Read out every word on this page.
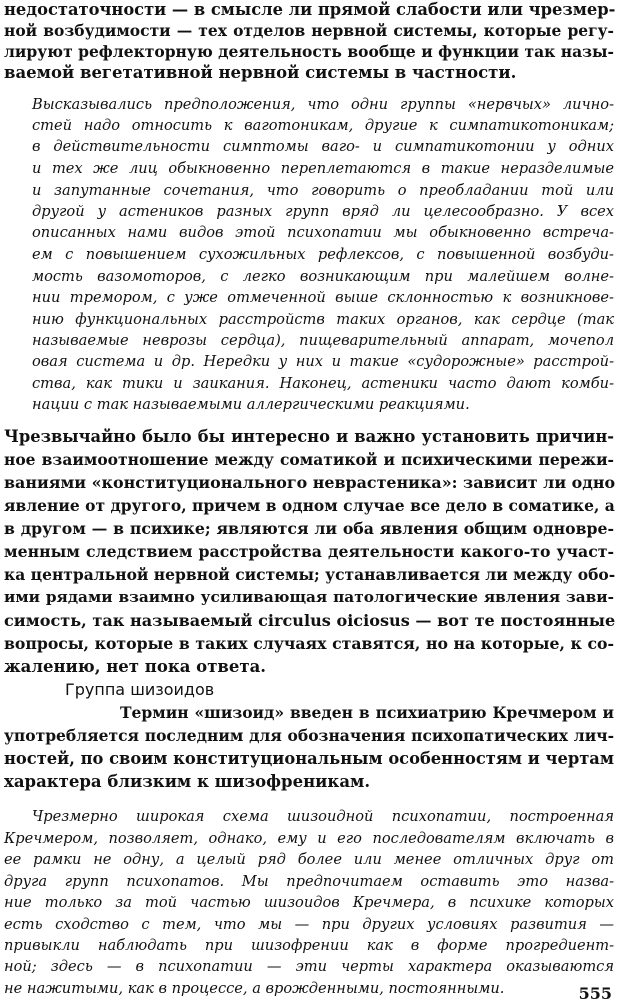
недостаточности — в смысле ли прямой слабости или чрезмер-

ной возбудимости — тех отделов нервной системы, которые регу-

лируют рефлекторную деятельность вообще и функции так назы-

ваемой вегетативной нервной системы в частности.

Высказывались предположения, что одни группы «нервчых» лично-

стей надо относить к ваготоникам, другие к симпатикотоникам;

в действительности симптомы ваго- и симпатикотонии у одних

и тех же лиц обыкновенно переплетаются в такие неразделимые

и запутанные сочетания, что говорить о преобладании той или

другой у астеников разных групп вряд ли целесообразно. У всех

описанных нами видов этой психопатии мы обыкновенно встреча-

ем с повышением сухожильных рефлексов, с повышенной возбуди-

мость вазомоторов, с легко возникающим при малейшем волне-

нии тремором, с уже отмеченной выше склонностью к возникнове-

нию функциональных расстройств таких органов, как сердце (так

называемые неврозы сердца), пищеварительный аппарат, мочепол

овая система и др. Нередки у них и такие «судорожные» расстрой-

ства, как тики и заикания. Наконец, астеники часто дают комби-

нации с так называемыми аллергическими реакциями.

Чрезвычайно было бы интересно и важно установить причин-

ное взаимоотношение между соматикой и психическими пережи-

ваниями «конституционального неврастеника»: зависит ли одно

явление от другого, причем в одном случае все дело в соматике, а

в другом — в психике; являются ли оба явления общим одновре-

менным следствием расстройства деятельности какого-то участ-

ка центральной нервной системы; устанавливается ли между обо-

ими рядами взаимно усиливающая патологические явления зави-

симость, так называемый circulus oiciosus — вот те постоянные

вопросы, которые в таких случаях ставятся, но на которые, к со-

жалению, нет пока ответа.

Группа шизоидов

Термин «шизоид» введен в психиатрию Кречмером и

употребляется последним для обозначения психопатических лич-

ностей, по своим конституциональным особенностям и чертам

характера близким к шизофреникам.

Чрезмерно широкая схема шизоидной психопатии, построенная

Кречмером, позволяет, однако, ему и его последователям включать в

ее рамки не одну, а целый ряд более или менее отличных друг от

друга групп психопатов. Мы предпочитаем оставить это назва-

ние только за той частью шизоидов Кречмера, в психике которых

есть сходство с тем, что мы — при других условиях развития —

привыкли наблюдать при шизофрении как в форме прогредиент-

ной; здесь — в психопатии — эти черты характера оказываются

не нажитыми, как в процессе, а врожденными, постоянными.	555
